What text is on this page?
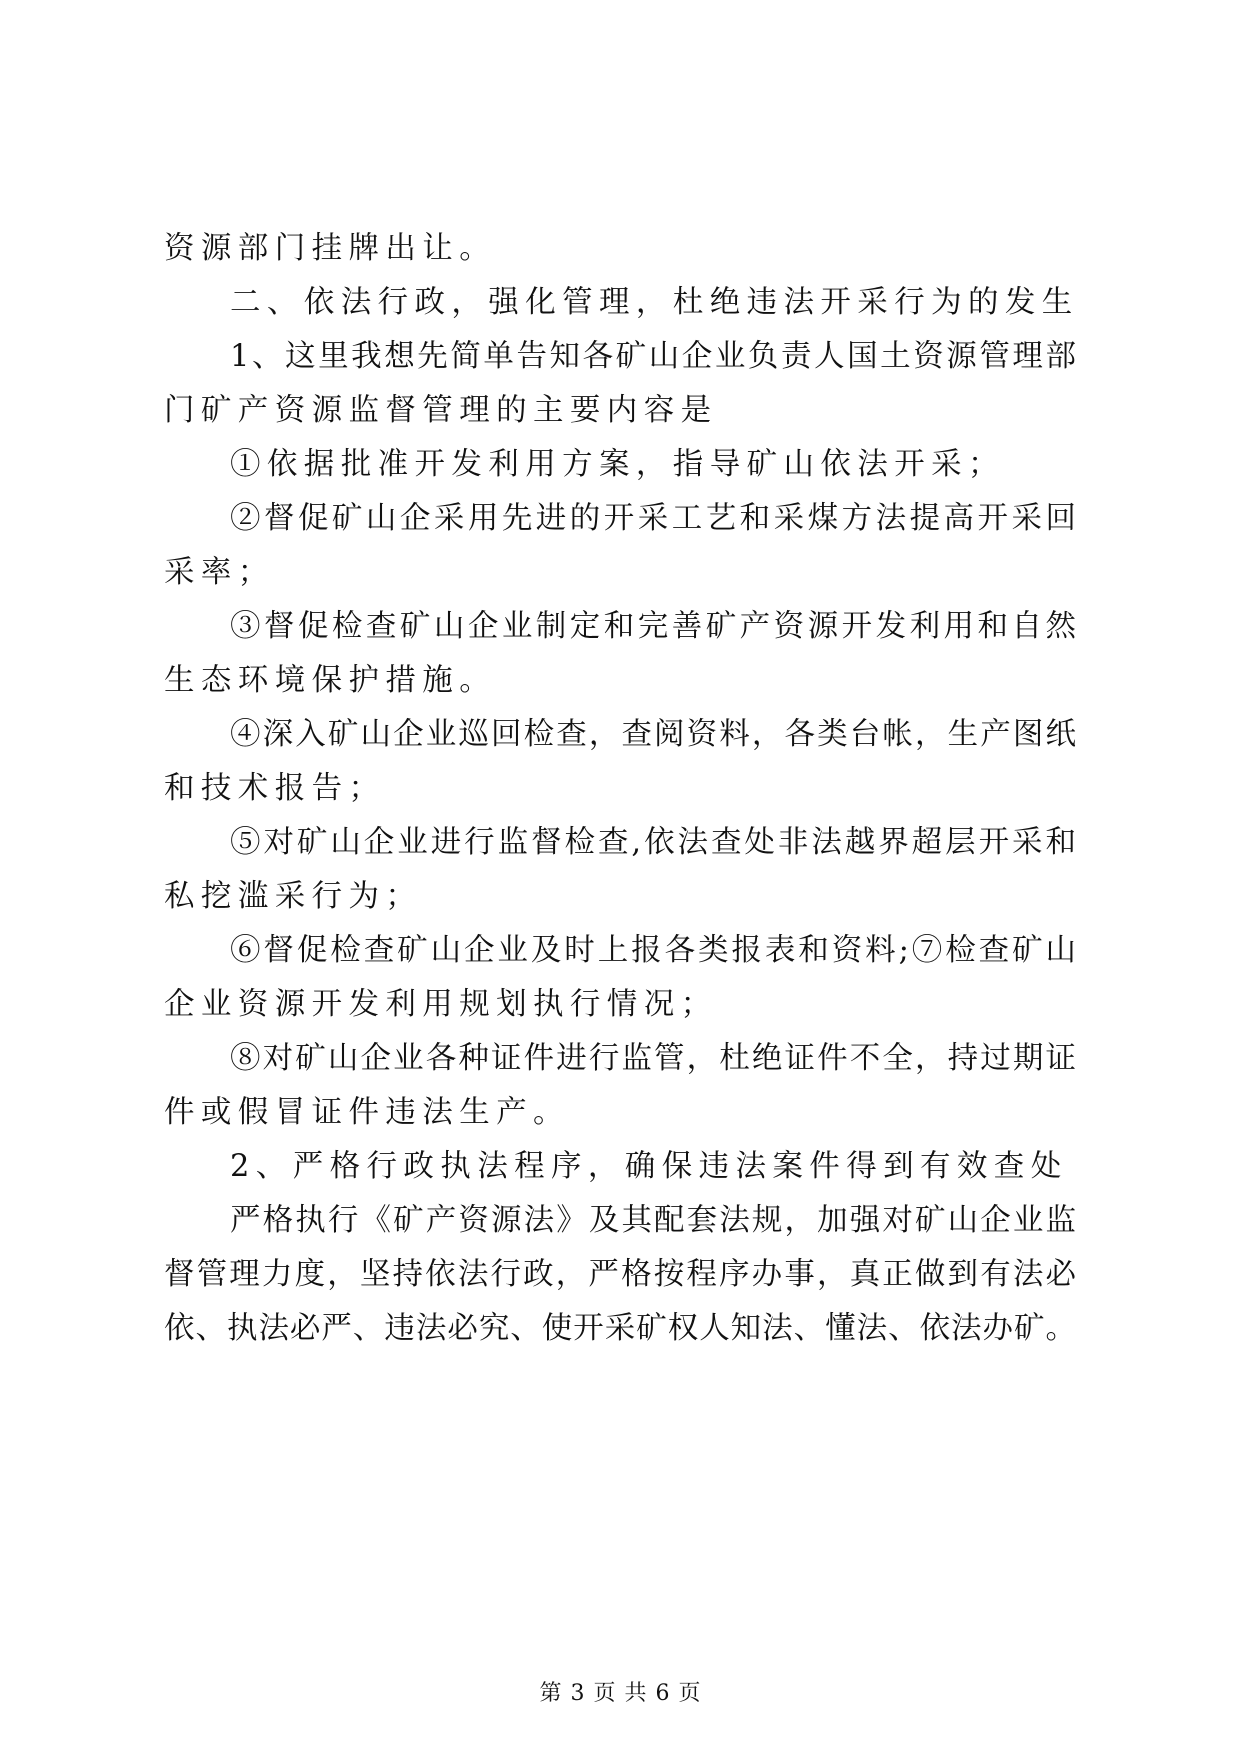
资源部门挂牌出让。
二、依法行政，强化管理，杜绝违法开采行为的发生
1、这里我想先简单告知各矿山企业负责人国土资源管理部
门矿产资源监督管理的主要内容是
①依据批准开发利用方案，指导矿山依法开采；
②督促矿山企采用先进的开采工艺和采煤方法提高开采回
采率；
③督促检查矿山企业制定和完善矿产资源开发利用和自然
生态环境保护措施。
④深入矿山企业巡回检查，查阅资料，各类台帐，生产图纸
和技术报告；
⑤对矿山企业进行监督检查,依法查处非法越界超层开采和
私挖滥采行为；
⑥督促检查矿山企业及时上报各类报表和资料;⑦检查矿山
企业资源开发利用规划执行情况；
⑧对矿山企业各种证件进行监管，杜绝证件不全，持过期证
件或假冒证件违法生产。
2、严格行政执法程序，确保违法案件得到有效查处
严格执行《矿产资源法》及其配套法规，加强对矿山企业监
督管理力度，坚持依法行政，严格按程序办事，真正做到有法必
依、执法必严、违法必究、使开采矿权人知法、懂法、依法办矿。
第 3 页 共 6 页
